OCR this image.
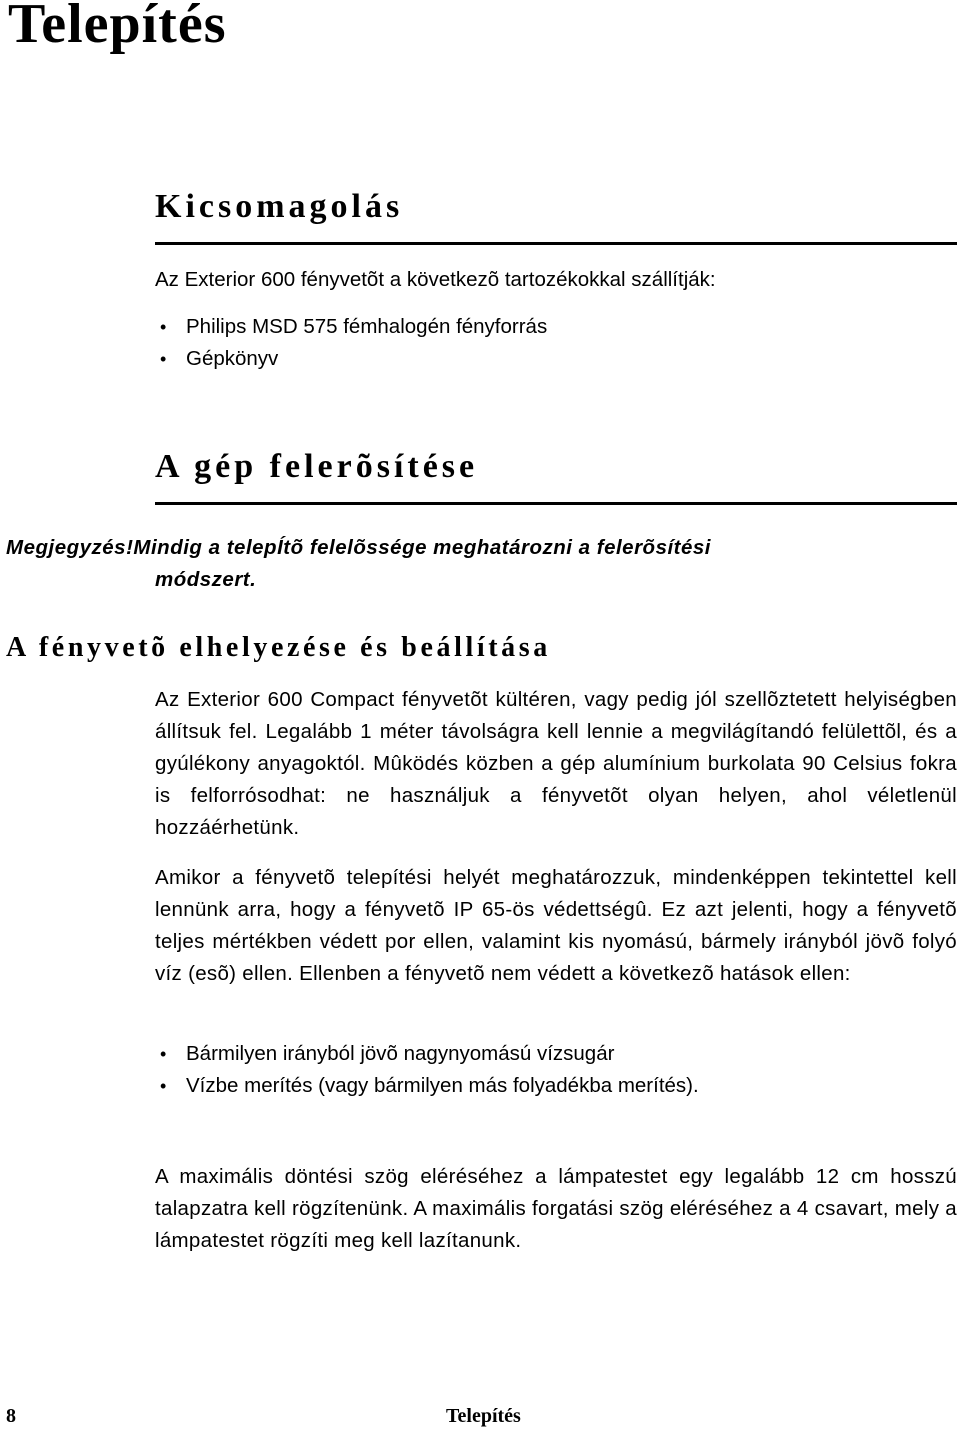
Telepítés
Kicsomagolás

Az Exterior 600 fényvetõt a következõ tartozékokkal szállítják:

• Philips MSD 575 fémhalogén fényforrás
• Gépkönyv
A gép felerõsítése

Megjegyzés!Mindig a telepÍtõ felelõssége meghatározni a felerõsítési

módszert.

A fényvetõ elhelyezése és beállítása

Az Exterior 600 Compact fényvetõt kültéren, vagy pedig jól szellõztetett helyiségben állítsuk fel. Legalább 1 méter távolságra kell lennie a megvilágítandó felülettõl, és a gyúlékony anyagoktól. Mûködés közben a gép alumínium burkolata 90 Celsius fokra is felforrósodhat: ne használjuk a fényvetõt olyan helyen, ahol véletlenül hozzáérhetünk.

Amikor a fényvetõ telepítési helyét meghatározzuk, mindenképpen tekintettel kell lennünk arra, hogy a fényvetõ IP 65-ös védettségû. Ez azt jelenti, hogy a fényvetõ teljes mértékben védett por ellen, valamint kis nyomású, bármely irányból jövõ folyó víz (esõ) ellen. Ellenben a fényvetõ nem védett a következõ hatások ellen:

• Bármilyen irányból jövõ nagynyomású vízsugár
• Vízbe merítés (vagy bármilyen más folyadékba merítés).

A maximális döntési szög eléréséhez a lámpatestet egy legalább 12 cm hosszú talapzatra kell rögzítenünk. A maximális forgatási szög eléréséhez a 4 csavart, mely a lámpatestet rögzíti meg kell lazítanunk.

8	Telepítés
